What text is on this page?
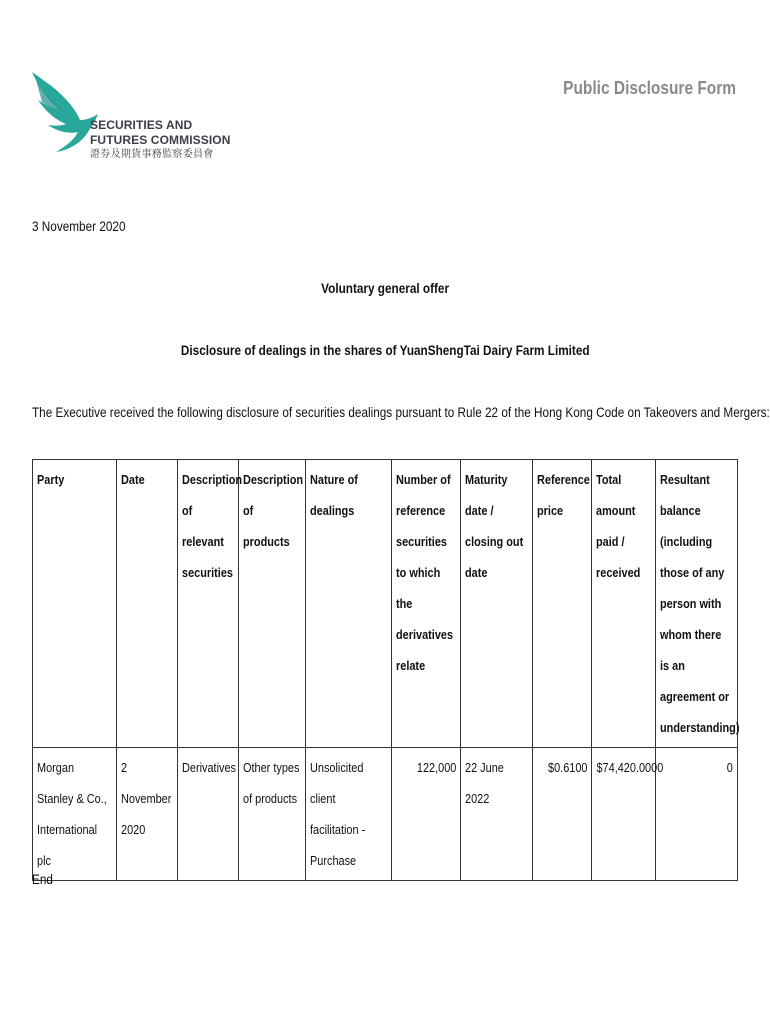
SECURITIES AND
FUTURES COMMISSION
證券及期貨事務監察委員會
Public Disclosure Form
3 November 2020
Voluntary general offer
Disclosure of dealings in the shares of YuanShengTai Dairy Farm Limited
The Executive received the following disclosure of securities dealings pursuant to Rule 22 of the Hong Kong Code on Takeovers and Mergers:
Party	Date	Description of relevant securities	Description of products	Nature of dealings	Number of reference securities to which the derivatives relate	Maturity date / closing out date	Reference price	Total amount paid / received	Resultant balance (including those of any person with whom there is an agreement or understanding)

Morgan Stanley & Co., International plc	2 November 2020	Derivatives	Other types of products	Unsolicited client facilitation - Purchase	122,000	22 June 2022	$0.6100	$74,420.0000	0
End
